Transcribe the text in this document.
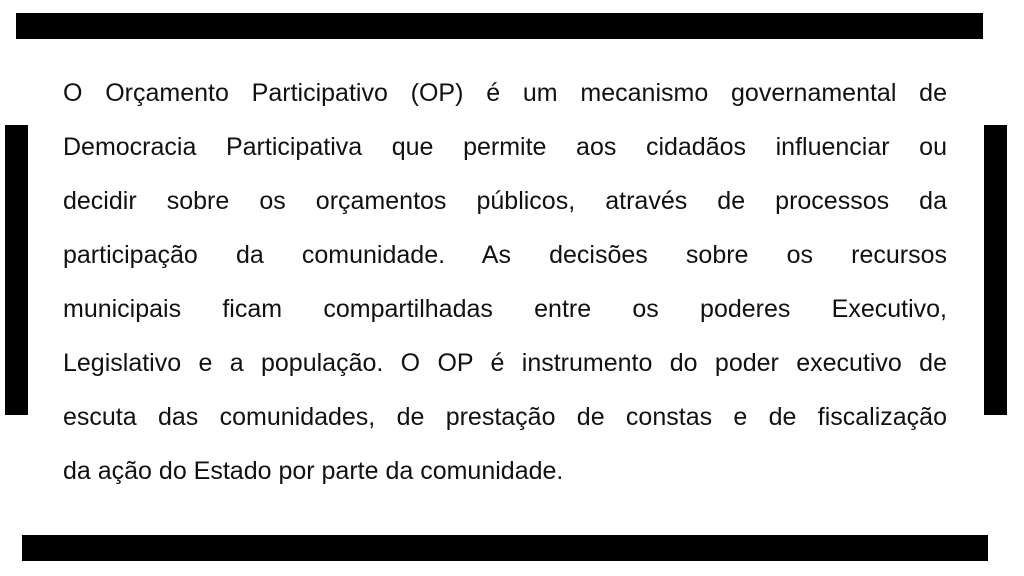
O Orçamento Participativo (OP) é um mecanismo governamental de
Democracia Participativa que permite aos cidadãos influenciar ou
decidir sobre os orçamentos públicos, através de processos da
participação da comunidade. As decisões sobre os recursos
municipais ficam compartilhadas entre os poderes Executivo,
Legislativo e a população. O OP é instrumento do poder executivo de
escuta das comunidades, de prestação de constas e de fiscalização
da ação do Estado por parte da comunidade.
